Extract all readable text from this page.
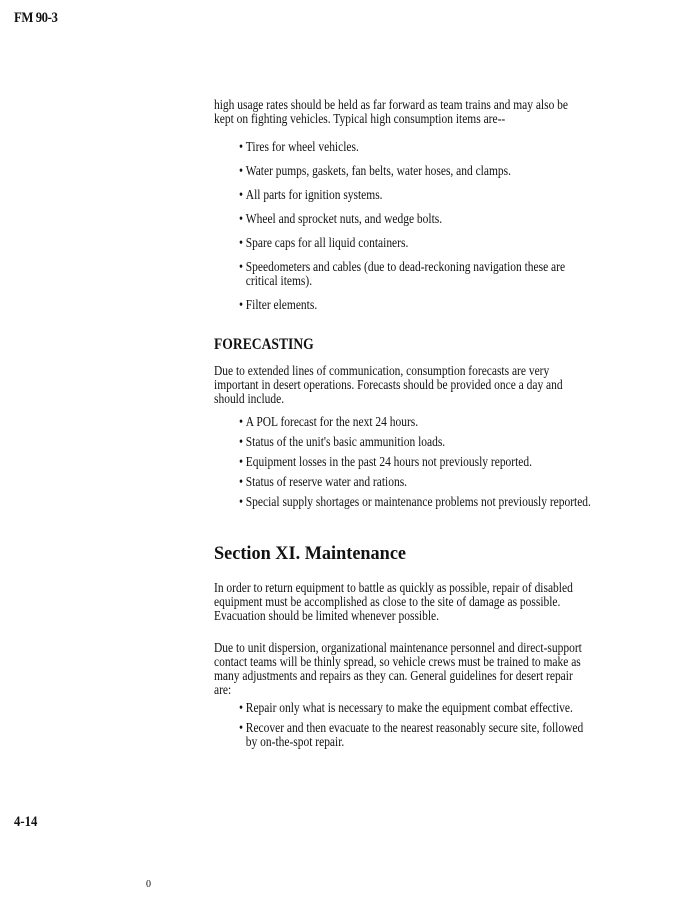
FM 90-3

high usage rates should be held as far forward as team trains and may also be kept on fighting vehicles. Typical high consumption items are--

• Tires for wheel vehicles.
• Water pumps, gaskets, fan belts, water hoses, and clamps.
• All parts for ignition systems.
• Wheel and sprocket nuts, and wedge bolts.
• Spare caps for all liquid containers.
• Speedometers and cables (due to dead-reckoning navigation these are critical items).
• Filter elements.
FORECASTING

Due to extended lines of communication, consumption forecasts are very important in desert operations. Forecasts should be provided once a day and should include.

• A POL forecast for the next 24 hours.
• Status of the unit's basic ammunition loads.
• Equipment losses in the past 24 hours not previously reported.
• Status of reserve water and rations.
• Special supply shortages or maintenance problems not previously reported.
Section XI. Maintenance

In order to return equipment to battle as quickly as possible, repair of disabled equipment must be accomplished as close to the site of damage as possible. Evacuation should be limited whenever possible.

Due to unit dispersion, organizational maintenance personnel and direct-support contact teams will be thinly spread, so vehicle crews must be trained to make as many adjustments and repairs as they can. General guidelines for desert repair are:

• Repair only what is necessary to make the equipment combat effective.
• Recover and then evacuate to the nearest reasonably secure site, followed by on-the-spot repair.
4-14
0
